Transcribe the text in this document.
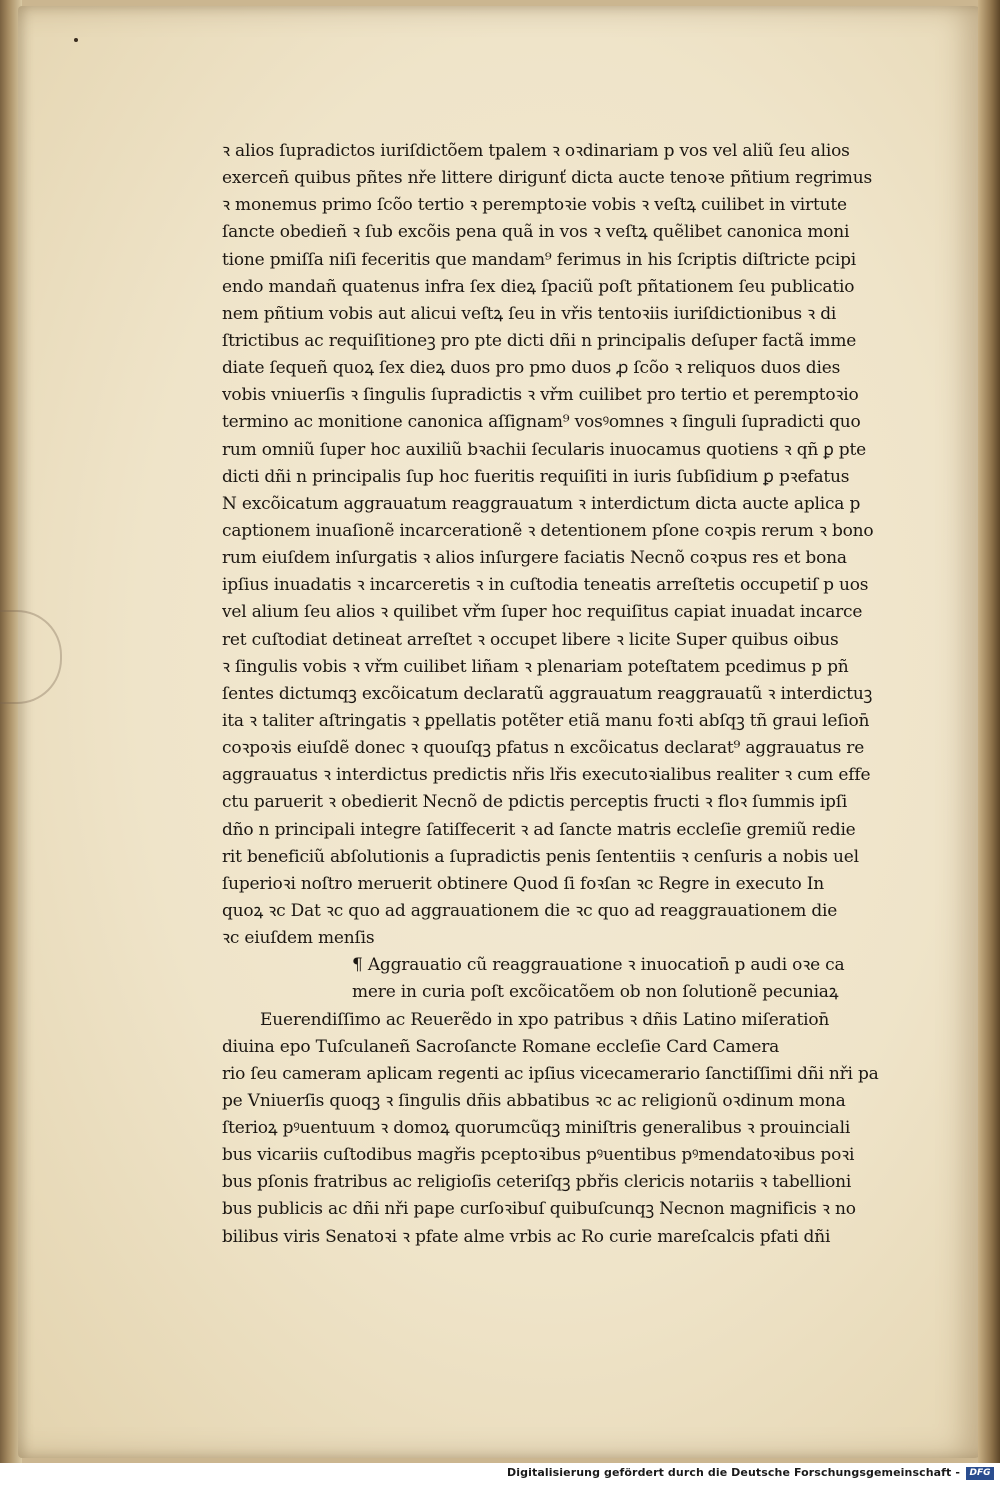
ꝛ alios ſupradictos iuriſdictõem tpalem ꝛ oꝛdinariam p vos vel aliũ ſeu alios
exerceñ quibus pñtes nře littere dirigunť dicta aucte tenoꝛe pñtium regrimus
ꝛ monemus primo ſcõo tertio ꝛ peremptoꝛie vobis ꝛ veſtꝝ cuilibet in virtute
ſancte obedieñ ꝛ ſub excõis pena quã in vos ꝛ veſtꝝ quẽlibet canonica moni
tione pmiſſa niſi feceritis que mandam⁹ ferimus in his ſcriptis diſtricte pcipi
endo mandañ quatenus infra ſex dieꝝ ſpaciũ poſt pñtationem ſeu publicatio
nem pñtium vobis aut alicui veſtꝝ ſeu in vřis tentoꝛiis iuriſdictionibus ꝛ di
ſtrictibus ac requiſitioneꝫ pro pte dicti dñi n principalis deſuper factã imme
diate ſequeñ quoꝝ ſex dieꝝ duos pro pmo duos ꝓ ſcõo ꝛ reliquos duos dies
vobis vniuerſis ꝛ ſingulis ſupradictis ꝛ vřm cuilibet pro tertio et peremptoꝛio
termino ac monitione canonica aſſignam⁹ vosꝰomnes ꝛ ſinguli ſupradicti quo
rum omniũ ſuper hoc auxiliũ bꝛachii ſecularis inuocamus quotiens ꝛ qñ ꝑ pte
dicti dñi n principalis ſup hoc fueritis requiſiti in iuris ſubſidium ꝑ pꝛefatus
N excõicatum aggrauatum reaggrauatum ꝛ interdictum dicta aucte aplica p
captionem inuaſionẽ incarcerationẽ ꝛ detentionem pſone coꝛpis rerum ꝛ bono
rum eiuſdem inſurgatis ꝛ alios inſurgere faciatis Necnõ coꝛpus res et bona
ipſius inuadatis ꝛ incarceretis ꝛ in cuſtodia teneatis arreſtetis occupetiſ p uos
vel alium ſeu alios ꝛ quilibet vřm ſuper hoc requiſitus capiat inuadat incarce
ret cuſtodiat detineat arreſtet ꝛ occupet libere ꝛ licite Super quibus oibus
ꝛ ſingulis vobis ꝛ vřm cuilibet liñam ꝛ plenariam poteſtatem pcedimus p pñ
ſentes dictumqꝫ excõicatum declaratũ aggrauatum reaggrauatũ ꝛ interdictuꝫ
ita ꝛ taliter aſtringatis ꝛ ꝑpellatis potẽter etiã manu foꝛti abſqꝫ tñ graui leſion̄
coꝛpoꝛis eiuſdẽ donec ꝛ quouſqꝫ pfatus n excõicatus declarat⁹ aggrauatus re
aggrauatus ꝛ interdictus predictis nřis lřis executoꝛialibus realiter ꝛ cum effe
ctu paruerit ꝛ obedierit Necnõ de pdictis perceptis fructi ꝛ floꝛ ſummis ipſi
dño n principali integre ſatiſfecerit ꝛ ad ſancte matris eccleſie gremiũ redie
rit beneficiũ abſolutionis a ſupradictis penis ſententiis ꝛ cenſuris a nobis uel
ſuperioꝛi noſtro meruerit obtinere Quod ſi foꝛſan ꝛc Regre in executo In
quoꝝ ꝛc Dat ꝛc quo ad aggrauationem die ꝛc quo ad reaggrauationem die
ꝛc eiuſdem menſis
¶ Aggrauatio cũ reaggrauatione ꝛ inuocation̄ p audi oꝛe ca
mere in curia poſt excõicatõem ob non ſolutionẽ pecuniaꝝ
Euerendiſſimo ac Reuerẽdo in xpo patribus ꝛ dñis Latino miſeration̄
diuina epo Tuſculaneñ Sacroſancte Romane eccleſie Card Camera
rio ſeu cameram aplicam regenti ac ipſius vicecamerario ſanctiſſimi dñi nři pa
pe Vniuerſis quoqꝫ ꝛ ſingulis dñis abbatibus ꝛc ac religionũ oꝛdinum mona
ſterioꝝ pꝰuentuum ꝛ domoꝝ quorumcũqꝫ miniſtris generalibus ꝛ prouinciali
bus vicariis cuſtodibus magřis pceptoꝛibus pꝰuentibus pꝰmendatoꝛibus poꝛi
bus pſonis fratribus ac religioſis ceteriſqꝫ pbřis clericis notariis ꝛ tabellioni
bus publicis ac dñi nři pape curſoꝛibuſ quibuſcunqꝫ Necnon magnificis ꝛ no
bilibus viris Senatoꝛi ꝛ pfate alme vrbis ac Ro curie mareſcalcis pfati dñi
Digitalisierung gefördert durch die Deutsche Forschungsgemeinschaft -	DFG
